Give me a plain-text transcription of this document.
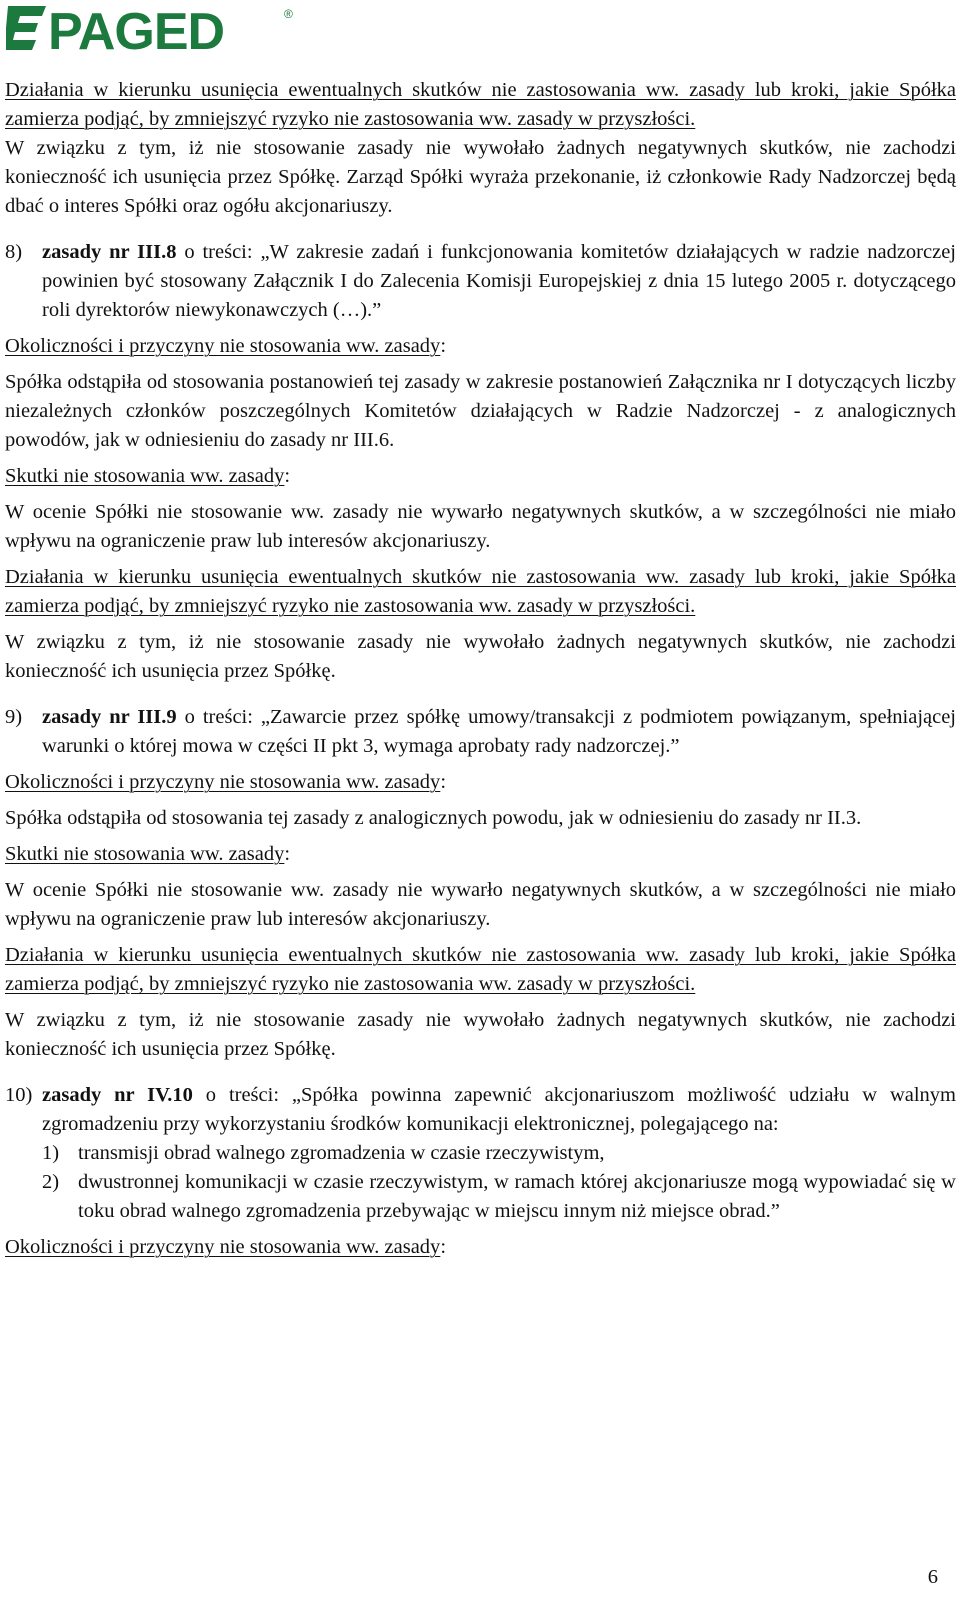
PAGED	®

Działania w kierunku usunięcia ewentualnych skutków nie zastosowania ww. zasady lub kroki, jakie Spółka zamierza podjąć, by zmniejszyć ryzyko nie zastosowania ww. zasady w przyszłości.

W związku z tym, iż nie stosowanie zasady nie wywołało żadnych negatywnych skutków, nie zachodzi konieczność ich usunięcia przez Spółkę. Zarząd Spółki wyraża przekonanie, iż członkowie Rady Nadzorczej będą dbać o interes Spółki oraz ogółu akcjonariuszy.

8) zasady nr III.8 o treści: „W zakresie zadań i funkcjonowania komitetów działających w radzie nadzorczej powinien być stosowany Załącznik I do Zalecenia Komisji Europejskiej z dnia 15 lutego 2005 r. dotyczącego roli dyrektorów niewykonawczych (…).”

Okoliczności i przyczyny nie stosowania ww. zasady:

Spółka odstąpiła od stosowania postanowień tej zasady w zakresie postanowień Załącznika nr I dotyczących liczby niezależnych członków poszczególnych Komitetów działających w Radzie Nadzorczej - z analogicznych powodów, jak w odniesieniu do zasady nr III.6.

Skutki nie stosowania ww. zasady:

W ocenie Spółki nie stosowanie ww. zasady nie wywarło negatywnych skutków, a w szczególności nie miało wpływu na ograniczenie praw lub interesów akcjonariuszy.

Działania w kierunku usunięcia ewentualnych skutków nie zastosowania ww. zasady lub kroki, jakie Spółka zamierza podjąć, by zmniejszyć ryzyko nie zastosowania ww. zasady w przyszłości.

W związku z tym, iż nie stosowanie zasady nie wywołało żadnych negatywnych skutków, nie zachodzi konieczność ich usunięcia przez Spółkę.

9) zasady nr III.9 o treści: „Zawarcie przez spółkę umowy/transakcji z podmiotem powiązanym, spełniającej warunki o której mowa w części II pkt 3, wymaga aprobaty rady nadzorczej.”

Okoliczności i przyczyny nie stosowania ww. zasady:

Spółka odstąpiła od stosowania tej zasady z analogicznych powodu, jak w odniesieniu do zasady nr II.3.

Skutki nie stosowania ww. zasady:

W ocenie Spółki nie stosowanie ww. zasady nie wywarło negatywnych skutków, a w szczególności nie miało wpływu na ograniczenie praw lub interesów akcjonariuszy.

Działania w kierunku usunięcia ewentualnych skutków nie zastosowania ww. zasady lub kroki, jakie Spółka zamierza podjąć, by zmniejszyć ryzyko nie zastosowania ww. zasady w przyszłości.

W związku z tym, iż nie stosowanie zasady nie wywołało żadnych negatywnych skutków, nie zachodzi konieczność ich usunięcia przez Spółkę.

10) zasady nr IV.10 o treści: „Spółka powinna zapewnić akcjonariuszom możliwość udziału w walnym zgromadzeniu przy wykorzystaniu środków komunikacji elektronicznej, polegającego na:
1) transmisji obrad walnego zgromadzenia w czasie rzeczywistym,
2) dwustronnej komunikacji w czasie rzeczywistym, w ramach której akcjonariusze mogą wypowiadać się w toku obrad walnego zgromadzenia przebywając w miejscu innym niż miejsce obrad.”

Okoliczności i przyczyny nie stosowania ww. zasady:

6
